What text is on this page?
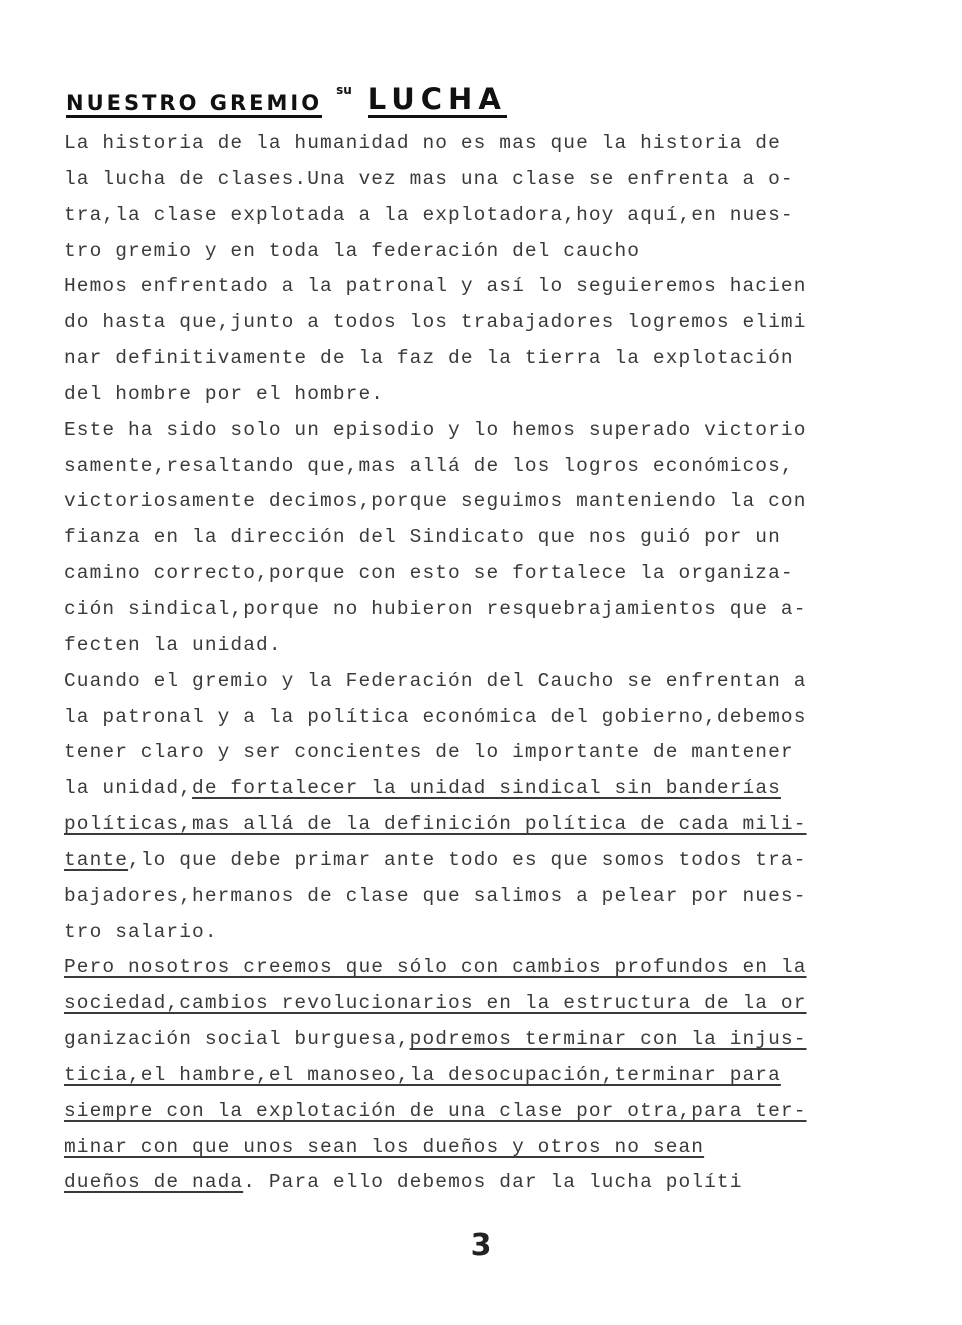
NUESTRO GREMIO
su LUCHA
La historia de la humanidad no es mas que la historia de
la lucha de clases.Una vez mas una clase se enfrenta a o-
tra,la clase explotada a la explotadora,hoy aquí,en nues-
tro gremio y en toda la federación del caucho
Hemos enfrentado a la patronal y así lo seguieremos hacien
do hasta que,junto a todos los trabajadores logremos elimi
nar definitivamente de la faz de la tierra la explotación
del hombre por el hombre.
Este ha sido solo un episodio y lo hemos superado victorio
samente,resaltando que,mas allá de los logros económicos,
victoriosamente decimos,porque seguimos manteniendo la con
fianza en la dirección del Sindicato que nos guió por un
camino correcto,porque con esto se fortalece la organiza-
ción sindical,porque no hubieron resquebrajamientos que a-
fecten la unidad.
Cuando el gremio y la Federación del Caucho se enfrentan a
la patronal y a la política económica del gobierno,debemos
tener claro y ser concientes de lo importante de mantener
la unidad,de fortalecer la unidad sindical sin banderías
políticas,mas allá de la definición política de cada mili-
tante,lo que debe primar ante todo es que somos todos tra-
bajadores,hermanos de clase que salimos a pelear por nues-
tro salario.
Pero nosotros creemos que sólo con cambios profundos en la
sociedad,cambios revolucionarios en la estructura de la or
ganización social burguesa,podremos terminar con la injus-
ticia,el hambre,el manoseo,la desocupación,terminar para
siempre con la explotación de una clase por otra,para ter-
minar con que unos sean los dueños y otros no sean
dueños de nada. Para ello debemos dar la lucha políti
3
